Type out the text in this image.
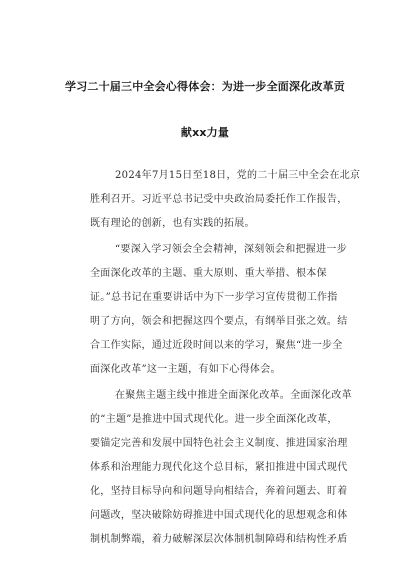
学习二十届三中全会心得体会：为进一步全面深化改革贡
献xx力量
2024年7月15日至18日，党的二十届三中全会在北京
胜利召开。习近平总书记受中央政治局委托作工作报告，
既有理论的创新，也有实践的拓展。
“要深入学习领会全会精神，深刻领会和把握进一步
全面深化改革的主题、重大原则、重大举措、根本保
证。”总书记在重要讲话中为下一步学习宣传贯彻工作指
明了方向，领会和把握这四个要点，有纲举目张之效。结
合工作实际，通过近段时间以来的学习，聚焦“进一步全
面深化改革”这一主题，有如下心得体会。
在聚焦主题主线中推进全面深化改革。全面深化改革
的“主题”是推进中国式现代化。进一步全面深化改革，
要锚定完善和发展中国特色社会主义制度、推进国家治理
体系和治理能力现代化这个总目标，紧扣推进中国式现代
化，坚持目标导向和问题导向相结合，奔着问题去、盯着
问题改，坚决破除妨碍推进中国式现代化的思想观念和体
制机制弊端，着力破解深层次体制机制障碍和结构性矛盾
